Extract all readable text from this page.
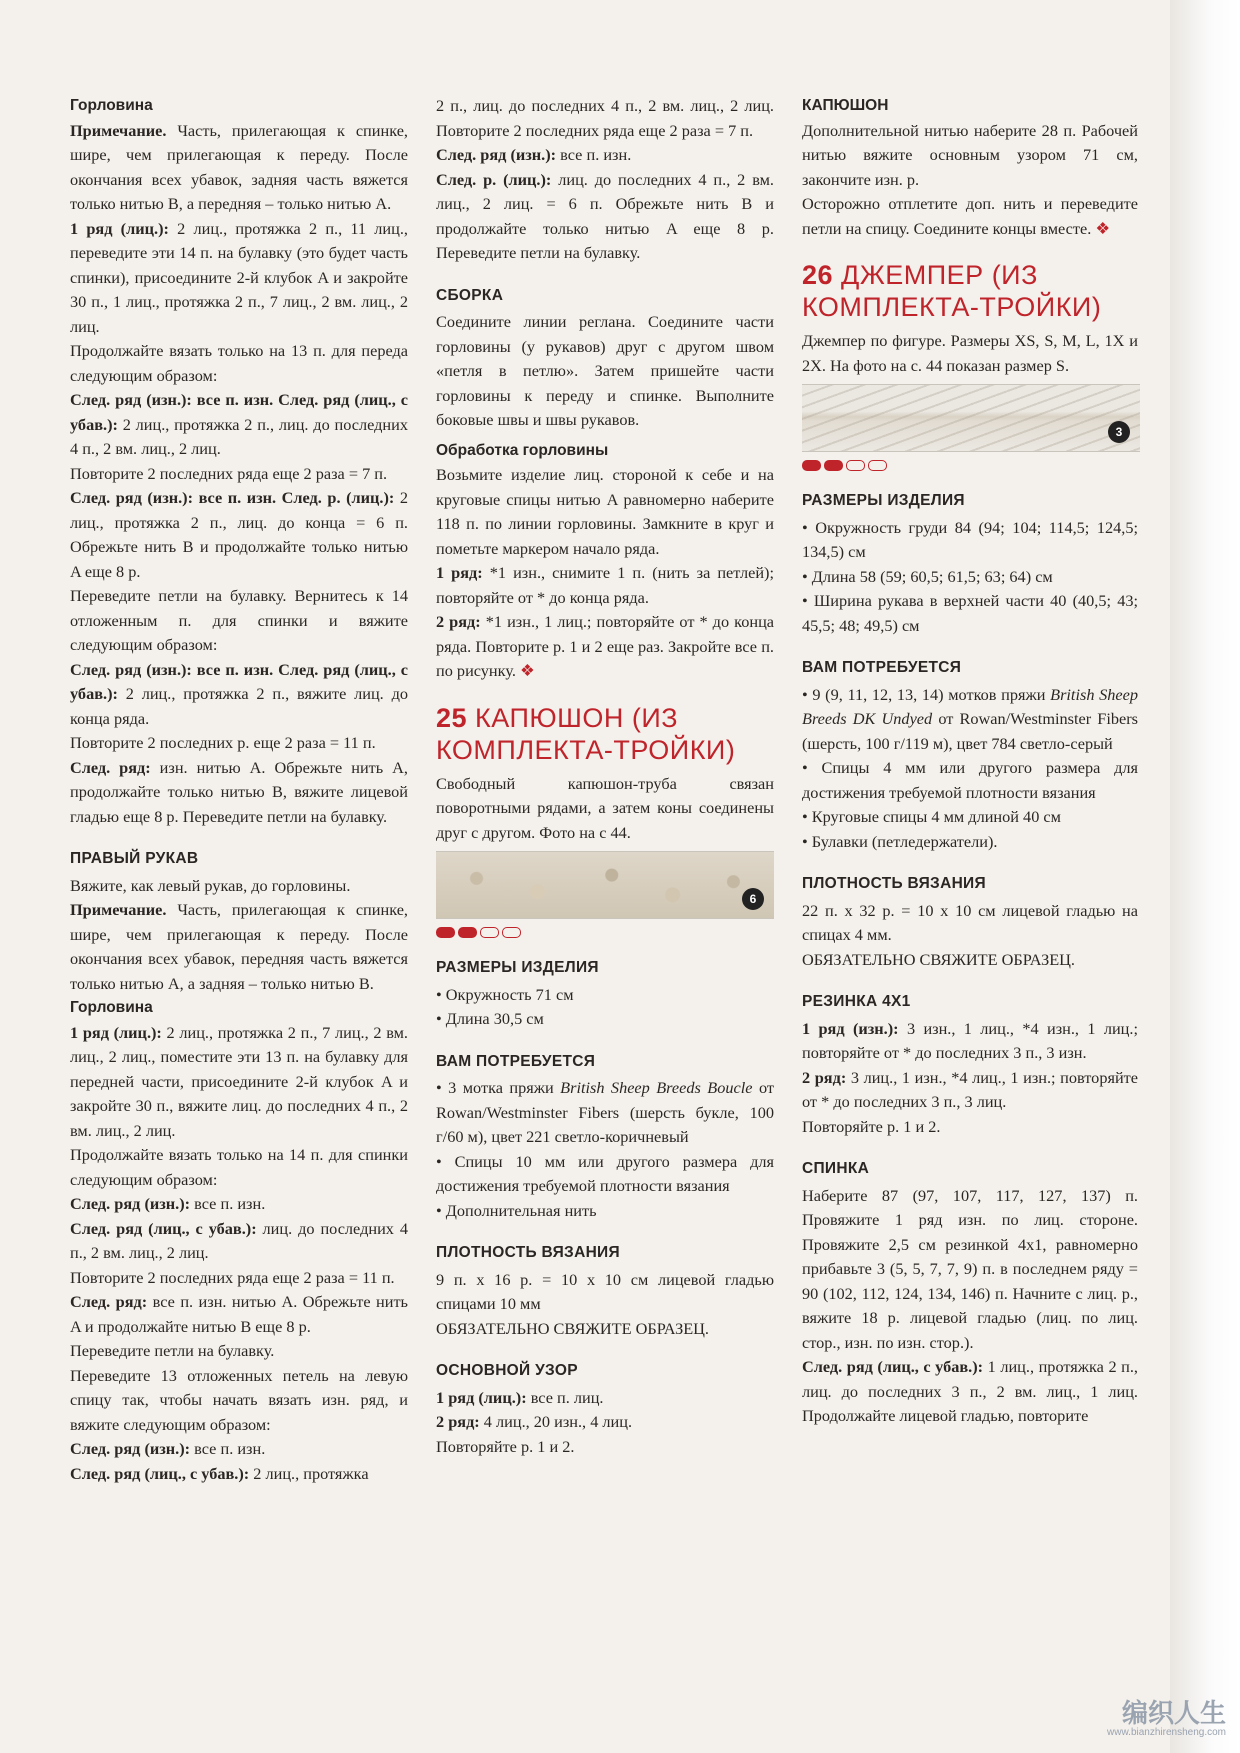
Горловина

Примечание. Часть, прилегающая к спинке, шире, чем прилегающая к переду. После окончания всех убавок, задняя часть вяжется только нитью B, а передняя – только нитью A.

1 ряд (лиц.): 2 лиц., протяжка 2 п., 11 лиц., переведите эти 14 п. на булавку (это будет часть спинки), присоедините 2-й клубок A и закройте 30 п., 1 лиц., протяжка 2 п., 7 лиц., 2 вм. лиц., 2 лиц.

Продолжайте вязать только на 13 п. для переда следующим образом:

След. ряд (изн.): все п. изн. След. ряд (лиц., с убав.): 2 лиц., протяжка 2 п., лиц. до последних 4 п., 2 вм. лиц., 2 лиц.

Повторите 2 последних ряда еще 2 раза = 7 п.

След. ряд (изн.): все п. изн. След. р. (лиц.): 2 лиц., протяжка 2 п., лиц. до конца = 6 п. Обрежьте нить B и продолжайте только нитью A еще 8 р.

Переведите петли на булавку. Вернитесь к 14 отложенным п. для спинки и вяжите следующим образом:

След. ряд (изн.): все п. изн. След. ряд (лиц., с убав.): 2 лиц., протяжка 2 п., вяжите лиц. до конца ряда.

Повторите 2 последних р. еще 2 раза = 11 п.

След. ряд: изн. нитью A. Обрежьте нить A, продолжайте только нитью B, вяжите лицевой гладью еще 8 р. Переведите петли на булавку.

ПРАВЫЙ РУКАВ

Вяжите, как левый рукав, до горловины.

Примечание. Часть, прилегающая к спинке, шире, чем прилегающая к переду. После окончания всех убавок, передняя часть вяжется только нитью A, а задняя – только нитью B.

Горловина

1 ряд (лиц.): 2 лиц., протяжка 2 п., 7 лиц., 2 вм. лиц., 2 лиц., поместите эти 13 п. на булавку для передней части, присоедините 2-й клубок A и закройте 30 п., вяжите лиц. до последних 4 п., 2 вм. лиц., 2 лиц.

Продолжайте вязать только на 14 п. для спинки следующим образом:

След. ряд (изн.): все п. изн.

След. ряд (лиц., с убав.): лиц. до последних 4 п., 2 вм. лиц., 2 лиц.

Повторите 2 последних ряда еще 2 раза = 11 п.

След. ряд: все п. изн. нитью A. Обрежьте нить A и продолжайте нитью B еще 8 р.

Переведите петли на булавку.

Переведите 13 отложенных петель на левую спицу так, чтобы начать вязать изн. ряд, и вяжите следующим образом:

След. ряд (изн.): все п. изн.

След. ряд (лиц., с убав.): 2 лиц., протяжка

2 п., лиц. до последних 4 п., 2 вм. лиц., 2 лиц. Повторите 2 последних ряда еще 2 раза = 7 п.

След. ряд (изн.): все п. изн.

След. р. (лиц.): лиц. до последних 4 п., 2 вм. лиц., 2 лиц. = 6 п. Обрежьте нить B и продолжайте только нитью A еще 8 р. Переведите петли на булавку.

СБОРКА

Соедините линии реглана. Соедините части горловины (у рукавов) друг с другом швом «петля в петлю». Затем пришейте части горловины к переду и спинке. Выполните боковые швы и швы рукавов.

Обработка горловины

Возьмите изделие лиц. стороной к себе и на круговые спицы нитью A равномерно наберите 118 п. по линии горловины. Замкните в круг и пометьте маркером начало ряда.

1 ряд: *1 изн., снимите 1 п. (нить за петлей); повторяйте от * до конца ряда.

2 ряд: *1 изн., 1 лиц.; повторяйте от * до конца ряда. Повторите р. 1 и 2 еще раз. Закройте все п. по рисунку. ❖

25 КАПЮШОН (ИЗ КОМПЛЕКТА-ТРОЙКИ)

Свободный капюшон-труба связан поворотными рядами, а затем коны соединены друг с другом. Фото на с 44.

6

РАЗМЕРЫ ИЗДЕЛИЯ

• Окружность 71 см

• Длина 30,5 см

ВАМ ПОТРЕБУЕТСЯ

• 3 мотка пряжи British Sheep Breeds Boucle от Rowan/Westminster Fibers (шерсть букле, 100 г/60 м), цвет 221 светло-коричневый

• Спицы 10 мм или другого размера для достижения требуемой плотности вязания

• Дополнительная нить

ПЛОТНОСТЬ ВЯЗАНИЯ

9 п. х 16 р. = 10 х 10 см лицевой гладью спицами 10 мм

ОБЯЗАТЕЛЬНО СВЯЖИТЕ ОБРАЗЕЦ.

ОСНОВНОЙ УЗОР

1 ряд (лиц.): все п. лиц.

2 ряд: 4 лиц., 20 изн., 4 лиц.

Повторяйте р. 1 и 2.

КАПЮШОН

Дополнительной нитью наберите 28 п. Рабочей нитью вяжите основным узором 71 см, закончите изн. р.

Осторожно отплетите доп. нить и переведите петли на спицу. Соедините концы вместе. ❖

26 ДЖЕМПЕР (ИЗ КОМПЛЕКТА-ТРОЙКИ)

Джемпер по фигуре. Размеры XS, S, M, L, 1X и 2X. На фото на с. 44 показан размер S.

3

РАЗМЕРЫ ИЗДЕЛИЯ

• Окружность груди 84 (94; 104; 114,5; 124,5; 134,5) см

• Длина 58 (59; 60,5; 61,5; 63; 64) см

• Ширина рукава в верхней части 40 (40,5; 43; 45,5; 48; 49,5) см

ВАМ ПОТРЕБУЕТСЯ

• 9 (9, 11, 12, 13, 14) мотков пряжи British Sheep Breeds DK Undyed от Rowan/Westminster Fibers (шерсть, 100 г/119 м), цвет 784 светло-серый

• Спицы 4 мм или другого размера для достижения требуемой плотности вязания

• Круговые спицы 4 мм длиной 40 см

• Булавки (петледержатели).

ПЛОТНОСТЬ ВЯЗАНИЯ

22 п. х 32 р. = 10 х 10 см лицевой гладью на спицах 4 мм.

ОБЯЗАТЕЛЬНО СВЯЖИТЕ ОБРАЗЕЦ.

РЕЗИНКА 4Х1

1 ряд (изн.): 3 изн., 1 лиц., *4 изн., 1 лиц.; повторяйте от * до последних 3 п., 3 изн.

2 ряд: 3 лиц., 1 изн., *4 лиц., 1 изн.; повторяйте от * до последних 3 п., 3 лиц.

Повторяйте р. 1 и 2.

СПИНКА

Наберите 87 (97, 107, 117, 127, 137) п. Провяжите 1 ряд изн. по лиц. стороне. Провяжите 2,5 см резинкой 4х1, равномерно прибавьте 3 (5, 5, 7, 7, 9) п. в последнем ряду = 90 (102, 112, 124, 134, 146) п. Начните с лиц. р., вяжите 18 р. лицевой гладью (лиц. по лиц. стор., изн. по изн. стор.).

След. ряд (лиц., с убав.): 1 лиц., протяжка 2 п., лиц. до последних 3 п., 2 вм. лиц., 1 лиц. Продолжайте лицевой гладью, повторите

编织人生
www.bianzhirensheng.com
